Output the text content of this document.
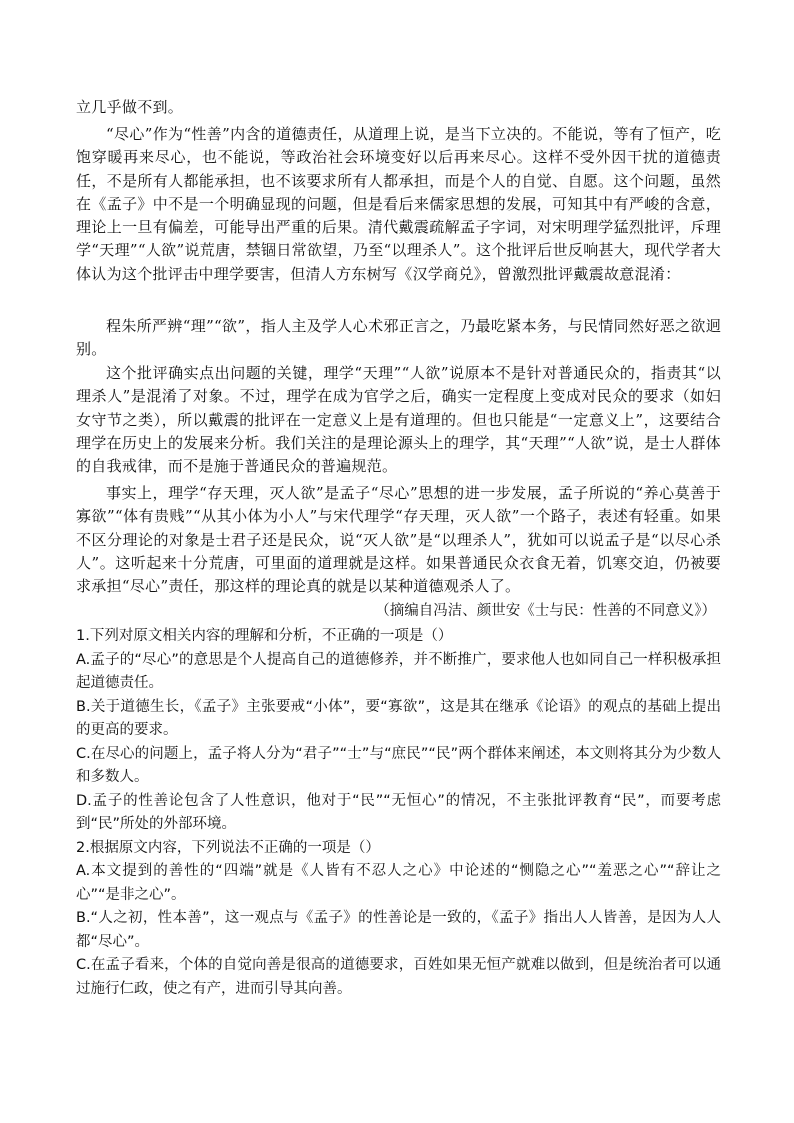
立几乎做不到。

“尽心”作为“性善”内含的道德责任，从道理上说，是当下立决的。不能说，等有了恒产，吃饱穿暖再来尽心，也不能说，等政治社会环境变好以后再来尽心。这样不受外因干扰的道德责任，不是所有人都能承担，也不该要求所有人都承担，而是个人的自觉、自愿。这个问题，虽然在《孟子》中不是一个明确显现的问题，但是看后来儒家思想的发展，可知其中有严峻的含意，理论上一旦有偏差，可能导出严重的后果。清代戴震疏解孟子字词，对宋明理学猛烈批评，斥理学“天理”“人欲”说荒唐，禁锢日常欲望，乃至“以理杀人”。这个批评后世反响甚大，现代学者大体认为这个批评击中理学要害，但清人方东树写《汉学商兑》，曾激烈批评戴震故意混淆：

程朱所严辨“理”“欲”，指人主及学人心术邪正言之，乃最吃紧本务，与民情同然好恶之欲迥别。

这个批评确实点出问题的关键，理学“天理”“人欲”说原本不是针对普通民众的，指责其“以理杀人”是混淆了对象。不过，理学在成为官学之后，确实一定程度上变成对民众的要求（如妇女守节之类），所以戴震的批评在一定意义上是有道理的。但也只能是“一定意义上”，这要结合理学在历史上的发展来分析。我们关注的是理论源头上的理学，其“天理”“人欲”说，是士人群体的自我戒律，而不是施于普通民众的普遍规范。

事实上，理学“存天理，灭人欲”是孟子“尽心”思想的进一步发展，孟子所说的“养心莫善于寡欲”“体有贵贱”“从其小体为小人”与宋代理学“存天理，灭人欲”一个路子，表述有轻重。如果不区分理论的对象是士君子还是民众，说“灭人欲”是“以理杀人”，犹如可以说孟子是“以尽心杀人”。这听起来十分荒唐，可里面的道理就是这样。如果普通民众衣食无着，饥寒交迫，仍被要求承担“尽心”责任，那这样的理论真的就是以某种道德观杀人了。

（摘编自冯洁、颜世安《士与民：性善的不同意义》）

1.下列对原文相关内容的理解和分析，不正确的一项是（）

A.孟子的“尽心”的意思是个人提高自己的道德修养，并不断推广，要求他人也如同自己一样积极承担起道德责任。

B.关于道德生长，《孟子》主张要戒“小体”，要“寡欲”，这是其在继承《论语》的观点的基础上提出的更高的要求。

C.在尽心的问题上，孟子将人分为“君子”“士”与“庶民”“民”两个群体来阐述，本文则将其分为少数人和多数人。

D.孟子的性善论包含了人性意识，他对于“民”“无恒心”的情况，不主张批评教育“民”，而要考虑到“民”所处的外部环境。

2.根据原文内容，下列说法不正确的一项是（）

A.本文提到的善性的“四端”就是《人皆有不忍人之心》中论述的“恻隐之心”“羞恶之心”“辞让之心”“是非之心”。

B.“人之初，性本善”，这一观点与《孟子》的性善论是一致的，《孟子》指出人人皆善，是因为人人都“尽心”。

C.在孟子看来，个体的自觉向善是很高的道德要求，百姓如果无恒产就难以做到，但是统治者可以通过施行仁政，使之有产，进而引导其向善。
